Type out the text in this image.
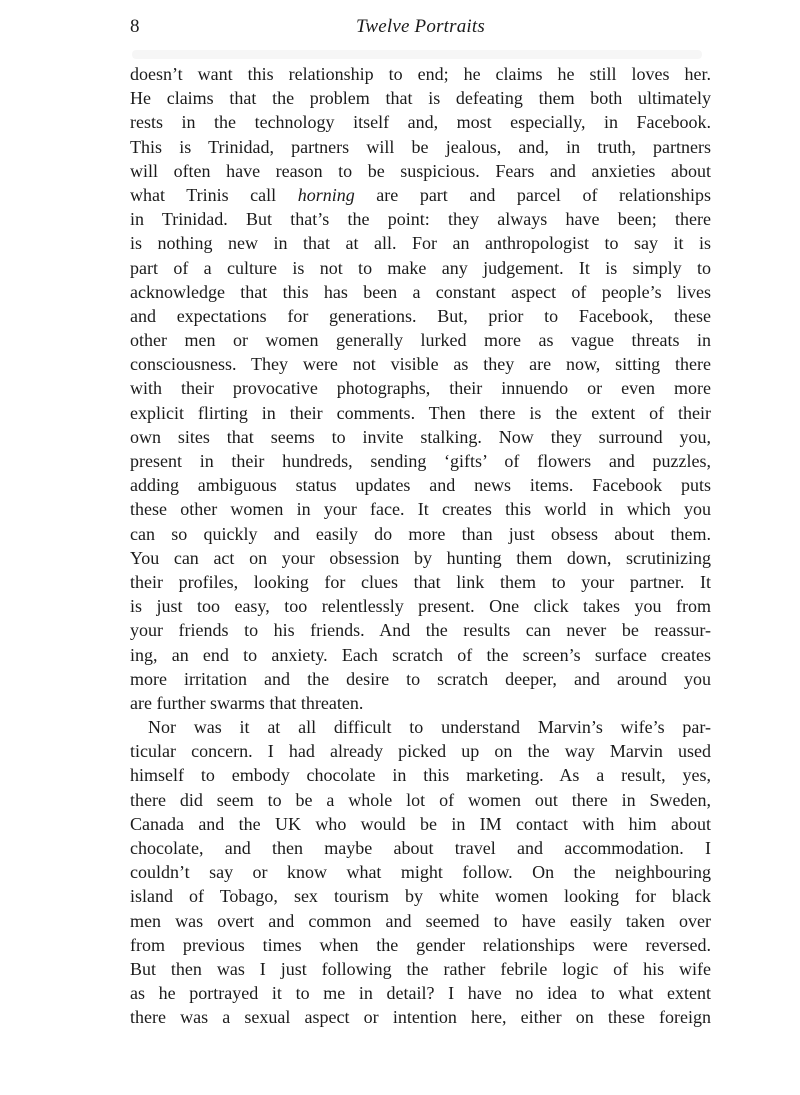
8	Twelve Portraits
doesn’t want this relationship to end; he claims he still loves her.
He claims that the problem that is defeating them both ultimately
rests in the technology itself and, most especially, in Facebook.
This is Trinidad, partners will be jealous, and, in truth, partners
will often have reason to be suspicious. Fears and anxieties about
what Trinis call horning are part and parcel of relationships
in Trinidad. But that’s the point: they always have been; there
is nothing new in that at all. For an anthropologist to say it is
part of a culture is not to make any judgement. It is simply to
acknowledge that this has been a constant aspect of people’s lives
and expectations for generations. But, prior to Facebook, these
other men or women generally lurked more as vague threats in
consciousness. They were not visible as they are now, sitting there
with their provocative photographs, their innuendo or even more
explicit flirting in their comments. Then there is the extent of their
own sites that seems to invite stalking. Now they surround you,
present in their hundreds, sending ‘gifts’ of flowers and puzzles,
adding ambiguous status updates and news items. Facebook puts
these other women in your face. It creates this world in which you
can so quickly and easily do more than just obsess about them.
You can act on your obsession by hunting them down, scrutinizing
their profiles, looking for clues that link them to your partner. It
is just too easy, too relentlessly present. One click takes you from
your friends to his friends. And the results can never be reassur-
ing, an end to anxiety. Each scratch of the screen’s surface creates
more irritation and the desire to scratch deeper, and around you
are further swarms that threaten.
Nor was it at all difficult to understand Marvin’s wife’s par-
ticular concern. I had already picked up on the way Marvin used
himself to embody chocolate in this marketing. As a result, yes,
there did seem to be a whole lot of women out there in Sweden,
Canada and the UK who would be in IM contact with him about
chocolate, and then maybe about travel and accommodation. I
couldn’t say or know what might follow. On the neighbouring
island of Tobago, sex tourism by white women looking for black
men was overt and common and seemed to have easily taken over
from previous times when the gender relationships were reversed.
But then was I just following the rather febrile logic of his wife
as he portrayed it to me in detail? I have no idea to what extent
there was a sexual aspect or intention here, either on these foreign
